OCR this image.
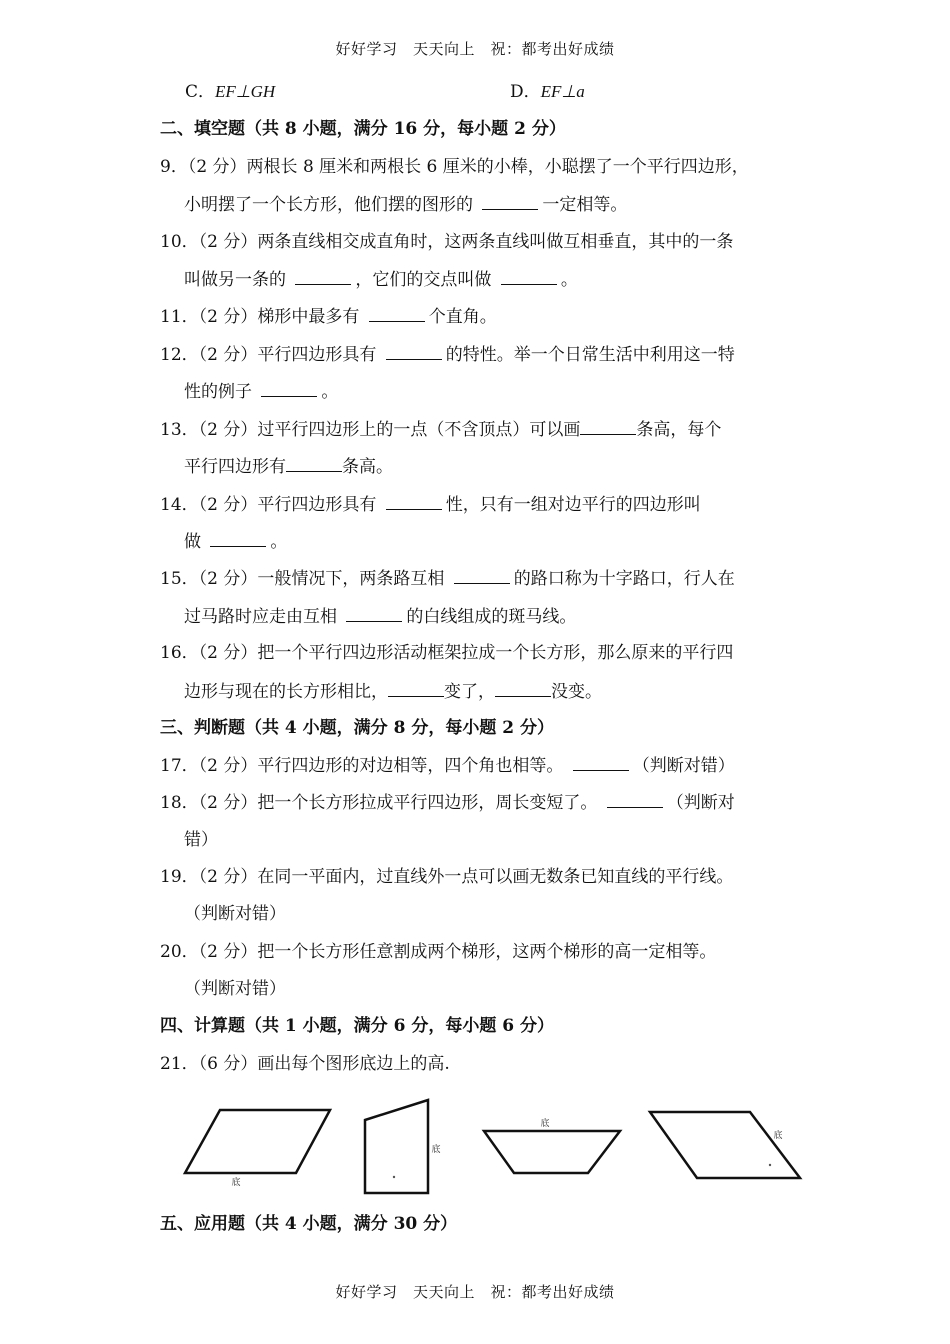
好好学习　天天向上　祝：都考出好成绩
C．EF⊥GH	D．EF⊥a
二、填空题（共 8 小题，满分 16 分，每小题 2 分）
9．（2 分）两根长 8 厘米和两根长 6 厘米的小棒，小聪摆了一个平行四边形，
小明摆了一个长方形，他们摆的图形的	一定相等。
10．（2 分）两条直线相交成直角时，这两条直线叫做互相垂直，其中的一条
叫做另一条的	，它们的交点叫做	。
11．（2 分）梯形中最多有	个直角。
12．（2 分）平行四边形具有	的特性。举一个日常生活中利用这一特
性的例子	。
13．（2 分）过平行四边形上的一点（不含顶点）可以画	条高，每个
平行四边形有	条高。
14．（2 分）平行四边形具有	性，只有一组对边平行的四边形叫
做	。
15．（2 分）一般情况下，两条路互相	的路口称为十字路口，行人在
过马路时应走由互相	的白线组成的斑马线。
16．（2 分）把一个平行四边形活动框架拉成一个长方形，那么原来的平行四
边形与现在的长方形相比，	变了，	没变。
三、判断题（共 4 小题，满分 8 分，每小题 2 分）
17．（2 分）平行四边形的对边相等，四个角也相等。	（判断对错）
18．（2 分）把一个长方形拉成平行四边形，周长变短了。	（判断对
错）
19．（2 分）在同一平面内，过直线外一点可以画无数条已知直线的平行线。
（判断对错）
20．（2 分）把一个长方形任意割成两个梯形，这两个梯形的高一定相等。
（判断对错）
四、计算题（共 1 小题，满分 6 分，每小题 6 分）
21．（6 分）画出每个图形底边上的高.
底
底
底
底
五、应用题（共 4 小题，满分 30 分）
好好学习　天天向上　祝：都考出好成绩
